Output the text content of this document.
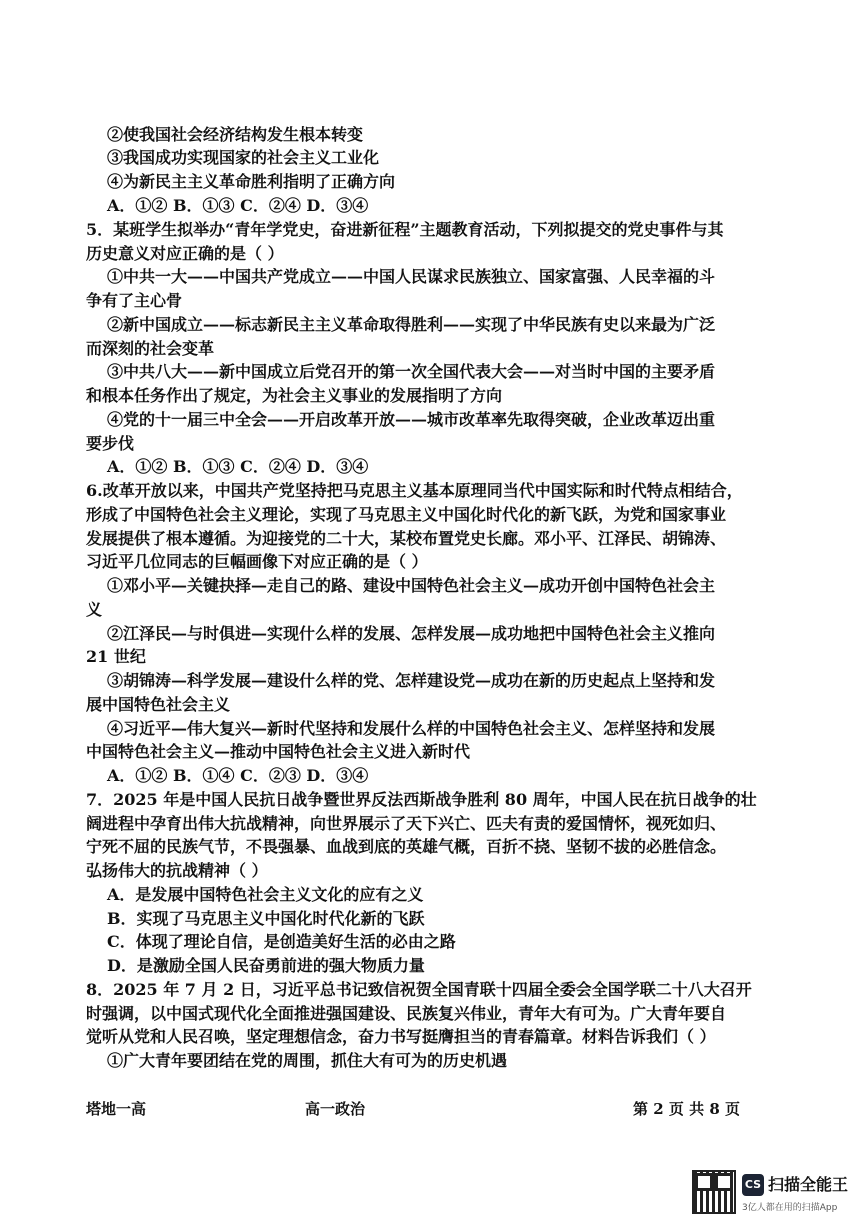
②使我国社会经济结构发生根本转变
③我国成功实现国家的社会主义工业化
④为新民主主义革命胜利指明了正确方向
A．①② B．①③ C．②④ D．③④
5．某班学生拟举办“青年学党史，奋进新征程”主题教育活动，下列拟提交的党史事件与其
历史意义对应正确的是（ ）
①中共一大——中国共产党成立——中国人民谋求民族独立、国家富强、人民幸福的斗
争有了主心骨
②新中国成立——标志新民主主义革命取得胜利——实现了中华民族有史以来最为广泛
而深刻的社会变革
③中共八大——新中国成立后党召开的第一次全国代表大会——对当时中国的主要矛盾
和根本任务作出了规定，为社会主义事业的发展指明了方向
④党的十一届三中全会——开启改革开放——城市改革率先取得突破，企业改革迈出重
要步伐
A．①② B．①③ C．②④ D．③④
6.改革开放以来，中国共产党坚持把马克思主义基本原理同当代中国实际和时代特点相结合，
形成了中国特色社会主义理论，实现了马克思主义中国化时代化的新飞跃，为党和国家事业
发展提供了根本遵循。为迎接党的二十大，某校布置党史长廊。邓小平、江泽民、胡锦涛、
习近平几位同志的巨幅画像下对应正确的是（ ）
①邓小平—关键抉择—走自己的路、建设中国特色社会主义—成功开创中国特色社会主
义
②江泽民—与时俱进—实现什么样的发展、怎样发展—成功地把中国特色社会主义推向
21 世纪
③胡锦涛—科学发展—建设什么样的党、怎样建设党—成功在新的历史起点上坚持和发
展中国特色社会主义
④习近平—伟大复兴—新时代坚持和发展什么样的中国特色社会主义、怎样坚持和发展
中国特色社会主义—推动中国特色社会主义进入新时代
A．①② B．①④ C．②③ D．③④
7．2025 年是中国人民抗日战争暨世界反法西斯战争胜利 80 周年，中国人民在抗日战争的壮
阔进程中孕育出伟大抗战精神，向世界展示了天下兴亡、匹夫有责的爱国情怀，视死如归、
宁死不屈的民族气节，不畏强暴、血战到底的英雄气概，百折不挠、坚韧不拔的必胜信念。
弘扬伟大的抗战精神（ ）
A．是发展中国特色社会主义文化的应有之义
B．实现了马克思主义中国化时代化新的飞跃
C．体现了理论自信，是创造美好生活的必由之路
D．是激励全国人民奋勇前进的强大物质力量
8．2025 年 7 月 2 日，习近平总书记致信祝贺全国青联十四届全委会全国学联二十八大召开
时强调，以中国式现代化全面推进强国建设、民族复兴伟业，青年大有可为。广大青年要自
觉听从党和人民召唤，坚定理想信念，奋力书写挺膺担当的青春篇章。材料告诉我们（ ）
①广大青年要团结在党的周围，抓住大有可为的历史机遇
塔地一高	高一政治	第 2 页 共 8 页
CS 扫描全能王
3亿人都在用的扫描App
